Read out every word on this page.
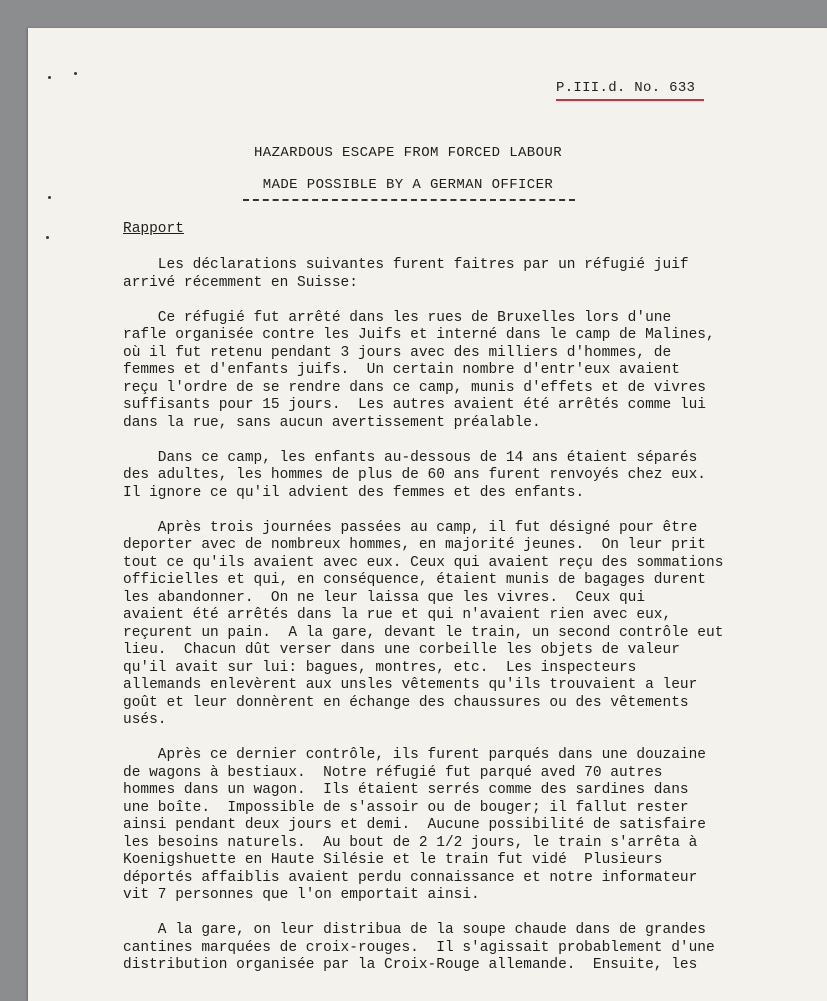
P.III.d. No. 633
HAZARDOUS ESCAPE FROM FORCED LABOUR
MADE POSSIBLE BY A GERMAN OFFICER
Rapport
Les déclarations suivantes furent faitres par un réfugié juif
arrivé récemment en Suisse:
Ce réfugié fut arrêté dans les rues de Bruxelles lors d'une
rafle organisée contre les Juifs et interné dans le camp de Malines,
où il fut retenu pendant 3 jours avec des milliers d'hommes, de
femmes et d'enfants juifs.  Un certain nombre d'entr'eux avaient
reçu l'ordre de se rendre dans ce camp, munis d'effets et de vivres
suffisants pour 15 jours.  Les autres avaient été arrêtés comme lui
dans la rue, sans aucun avertissement préalable.
Dans ce camp, les enfants au-dessous de 14 ans étaient séparés
des adultes, les hommes de plus de 60 ans furent renvoyés chez eux.
Il ignore ce qu'il advient des femmes et des enfants.
Après trois journées passées au camp, il fut désigné pour être
deporter avec de nombreux hommes, en majorité jeunes.  On leur prit
tout ce qu'ils avaient avec eux. Ceux qui avaient reçu des sommations
officielles et qui, en conséquence, étaient munis de bagages durent
les abandonner.  On ne leur laissa que les vivres.  Ceux qui
avaient été arrêtés dans la rue et qui n'avaient rien avec eux,
reçurent un pain.  A la gare, devant le train, un second contrôle eut
lieu.  Chacun dût verser dans une corbeille les objets de valeur
qu'il avait sur lui: bagues, montres, etc.  Les inspecteurs
allemands enlevèrent aux unsles vêtements qu'ils trouvaient a leur
goût et leur donnèrent en échange des chaussures ou des vêtements
usés.
Après ce dernier contrôle, ils furent parqués dans une douzaine
de wagons à bestiaux.  Notre réfugié fut parqué aved 70 autres
hommes dans un wagon.  Ils étaient serrés comme des sardines dans
une boîte.  Impossible de s'assoir ou de bouger; il fallut rester
ainsi pendant deux jours et demi.  Aucune possibilité de satisfaire
les besoins naturels.  Au bout de 2 1/2 jours, le train s'arrêta à
Koenigshuette en Haute Silésie et le train fut vidé  Plusieurs
déportés affaiblis avaient perdu connaissance et notre informateur
vit 7 personnes que l'on emportait ainsi.
A la gare, on leur distribua de la soupe chaude dans de grandes
cantines marquées de croix-rouges.  Il s'agissait probablement d'une
distribution organisée par la Croix-Rouge allemande.  Ensuite, les
